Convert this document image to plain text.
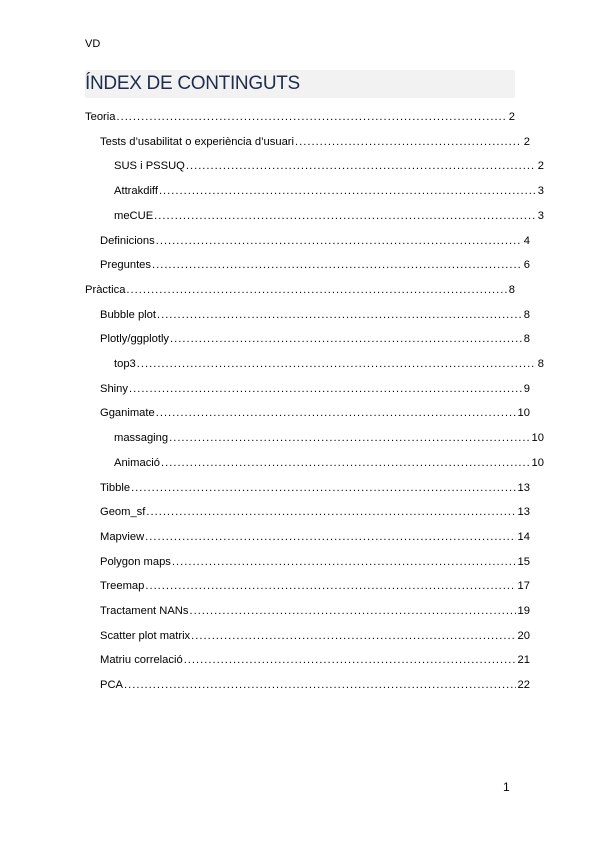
VD
ÍNDEX DE CONTINGUTS
Teoria .....	2
Tests d’usabilitat o experiència d’usuari .....	2
SUS i PSSUQ .....	2
Attrakdiff .....	3
meCUE .....	3
Definicions .....	4
Preguntes .....	6
Pràctica .....	8
Bubble plot .....	8
Plotly/ggplotly .....	8
top3 .....	8
Shiny .....	9
Gganimate .....	10
massaging .....	10
Animació .....	10
Tibble .....	13
Geom_sf .....	13
Mapview .....	14
Polygon maps .....	15
Treemap .....	17
Tractament NANs .....	19
Scatter plot matrix .....	20
Matriu correlació .....	21
PCA .....	22
1
